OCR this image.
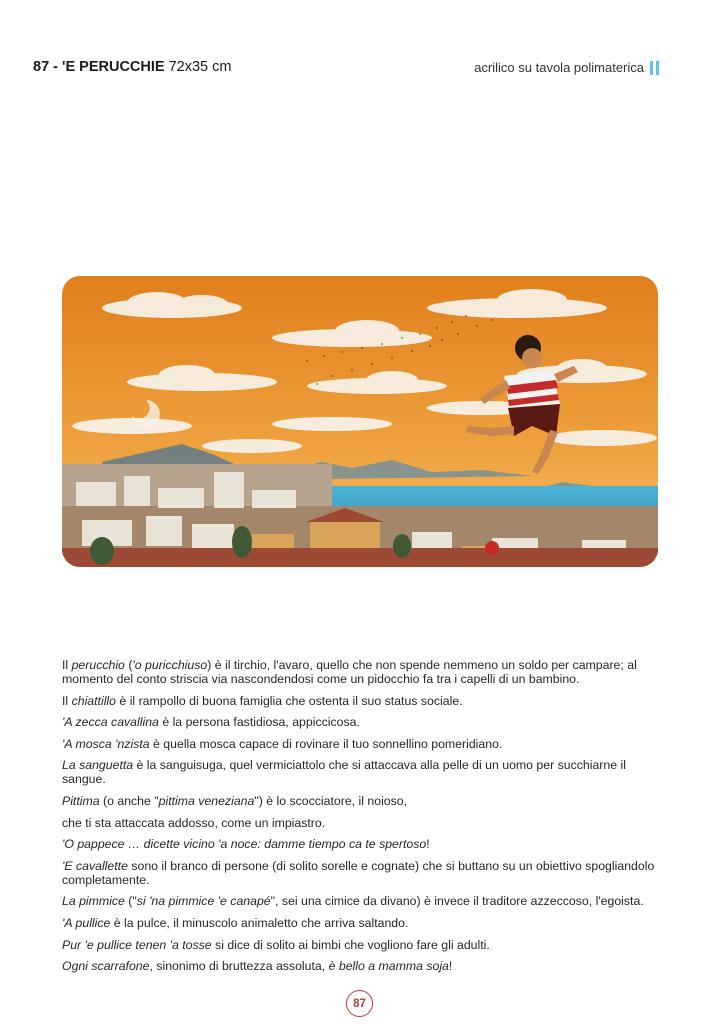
87 - 'E PERUCCHIE 72x35 cm	acrilico su tavola polimaterica

Il perucchio ('o puricchiuso) è il tirchio, l'avaro, quello che non spende nemmeno un soldo per campare; al momento del conto striscia via nascondendosi come un pidocchio fa tra i capelli di un bambino.

Il chiattillo è il rampollo di buona famiglia che ostenta il suo status sociale.

'A zecca cavallina è la persona fastidiosa, appiccicosa.

'A mosca 'nzista è quella mosca capace di rovinare il tuo sonnellino pomeridiano.

La sanguetta è la sanguisuga, quel vermiciattolo che si attaccava alla pelle di un uomo per succhiarne il sangue.

Pittima (o anche "pittima veneziana") è lo scocciatore, il noioso,

che ti sta attaccata addosso, come un impiastro.

'O pappece … dicette vicino 'a noce: damme tiempo ca te spertoso!

'E cavallette sono il branco di persone (di solito sorelle e cognate) che si buttano su un obiettivo spogliandolo completamente.

La pimmice ("si 'na pimmice 'e canapé", sei una cimice da divano) è invece il traditore azzeccoso, l'egoista.

'A pullice è la pulce, il minuscolo animaletto che arriva saltando.

Pur 'e pullice tenen 'a tosse si dice di solito ai bimbi che vogliono fare gli adulti.

Ogni scarrafone, sinonimo di bruttezza assoluta, è bello a mamma soja!

87
